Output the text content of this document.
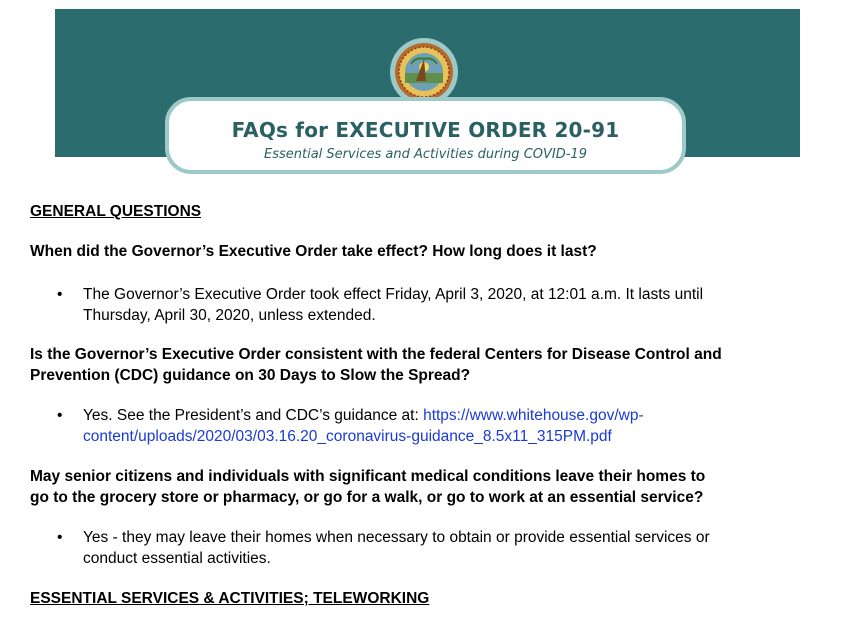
FAQs for EXECUTIVE ORDER 20-91
Essential Services and Activities during COVID-19
GENERAL QUESTIONS
When did the Governor’s Executive Order take effect? How long does it last?
• The Governor’s Executive Order took effect Friday, April 3, 2020, at 12:01 a.m. It lasts until
Thursday, April 30, 2020, unless extended.
Is the Governor’s Executive Order consistent with the federal Centers for Disease Control and
Prevention (CDC) guidance on 30 Days to Slow the Spread?
• Yes. See the President’s and CDC’s guidance at: https://www.whitehouse.gov/wp-
content/uploads/2020/03/03.16.20_coronavirus-guidance_8.5x11_315PM.pdf
May senior citizens and individuals with significant medical conditions leave their homes to
go to the grocery store or pharmacy, or go for a walk, or go to work at an essential service?
• Yes - they may leave their homes when necessary to obtain or provide essential services or
conduct essential activities.
ESSENTIAL SERVICES & ACTIVITIES; TELEWORKING
